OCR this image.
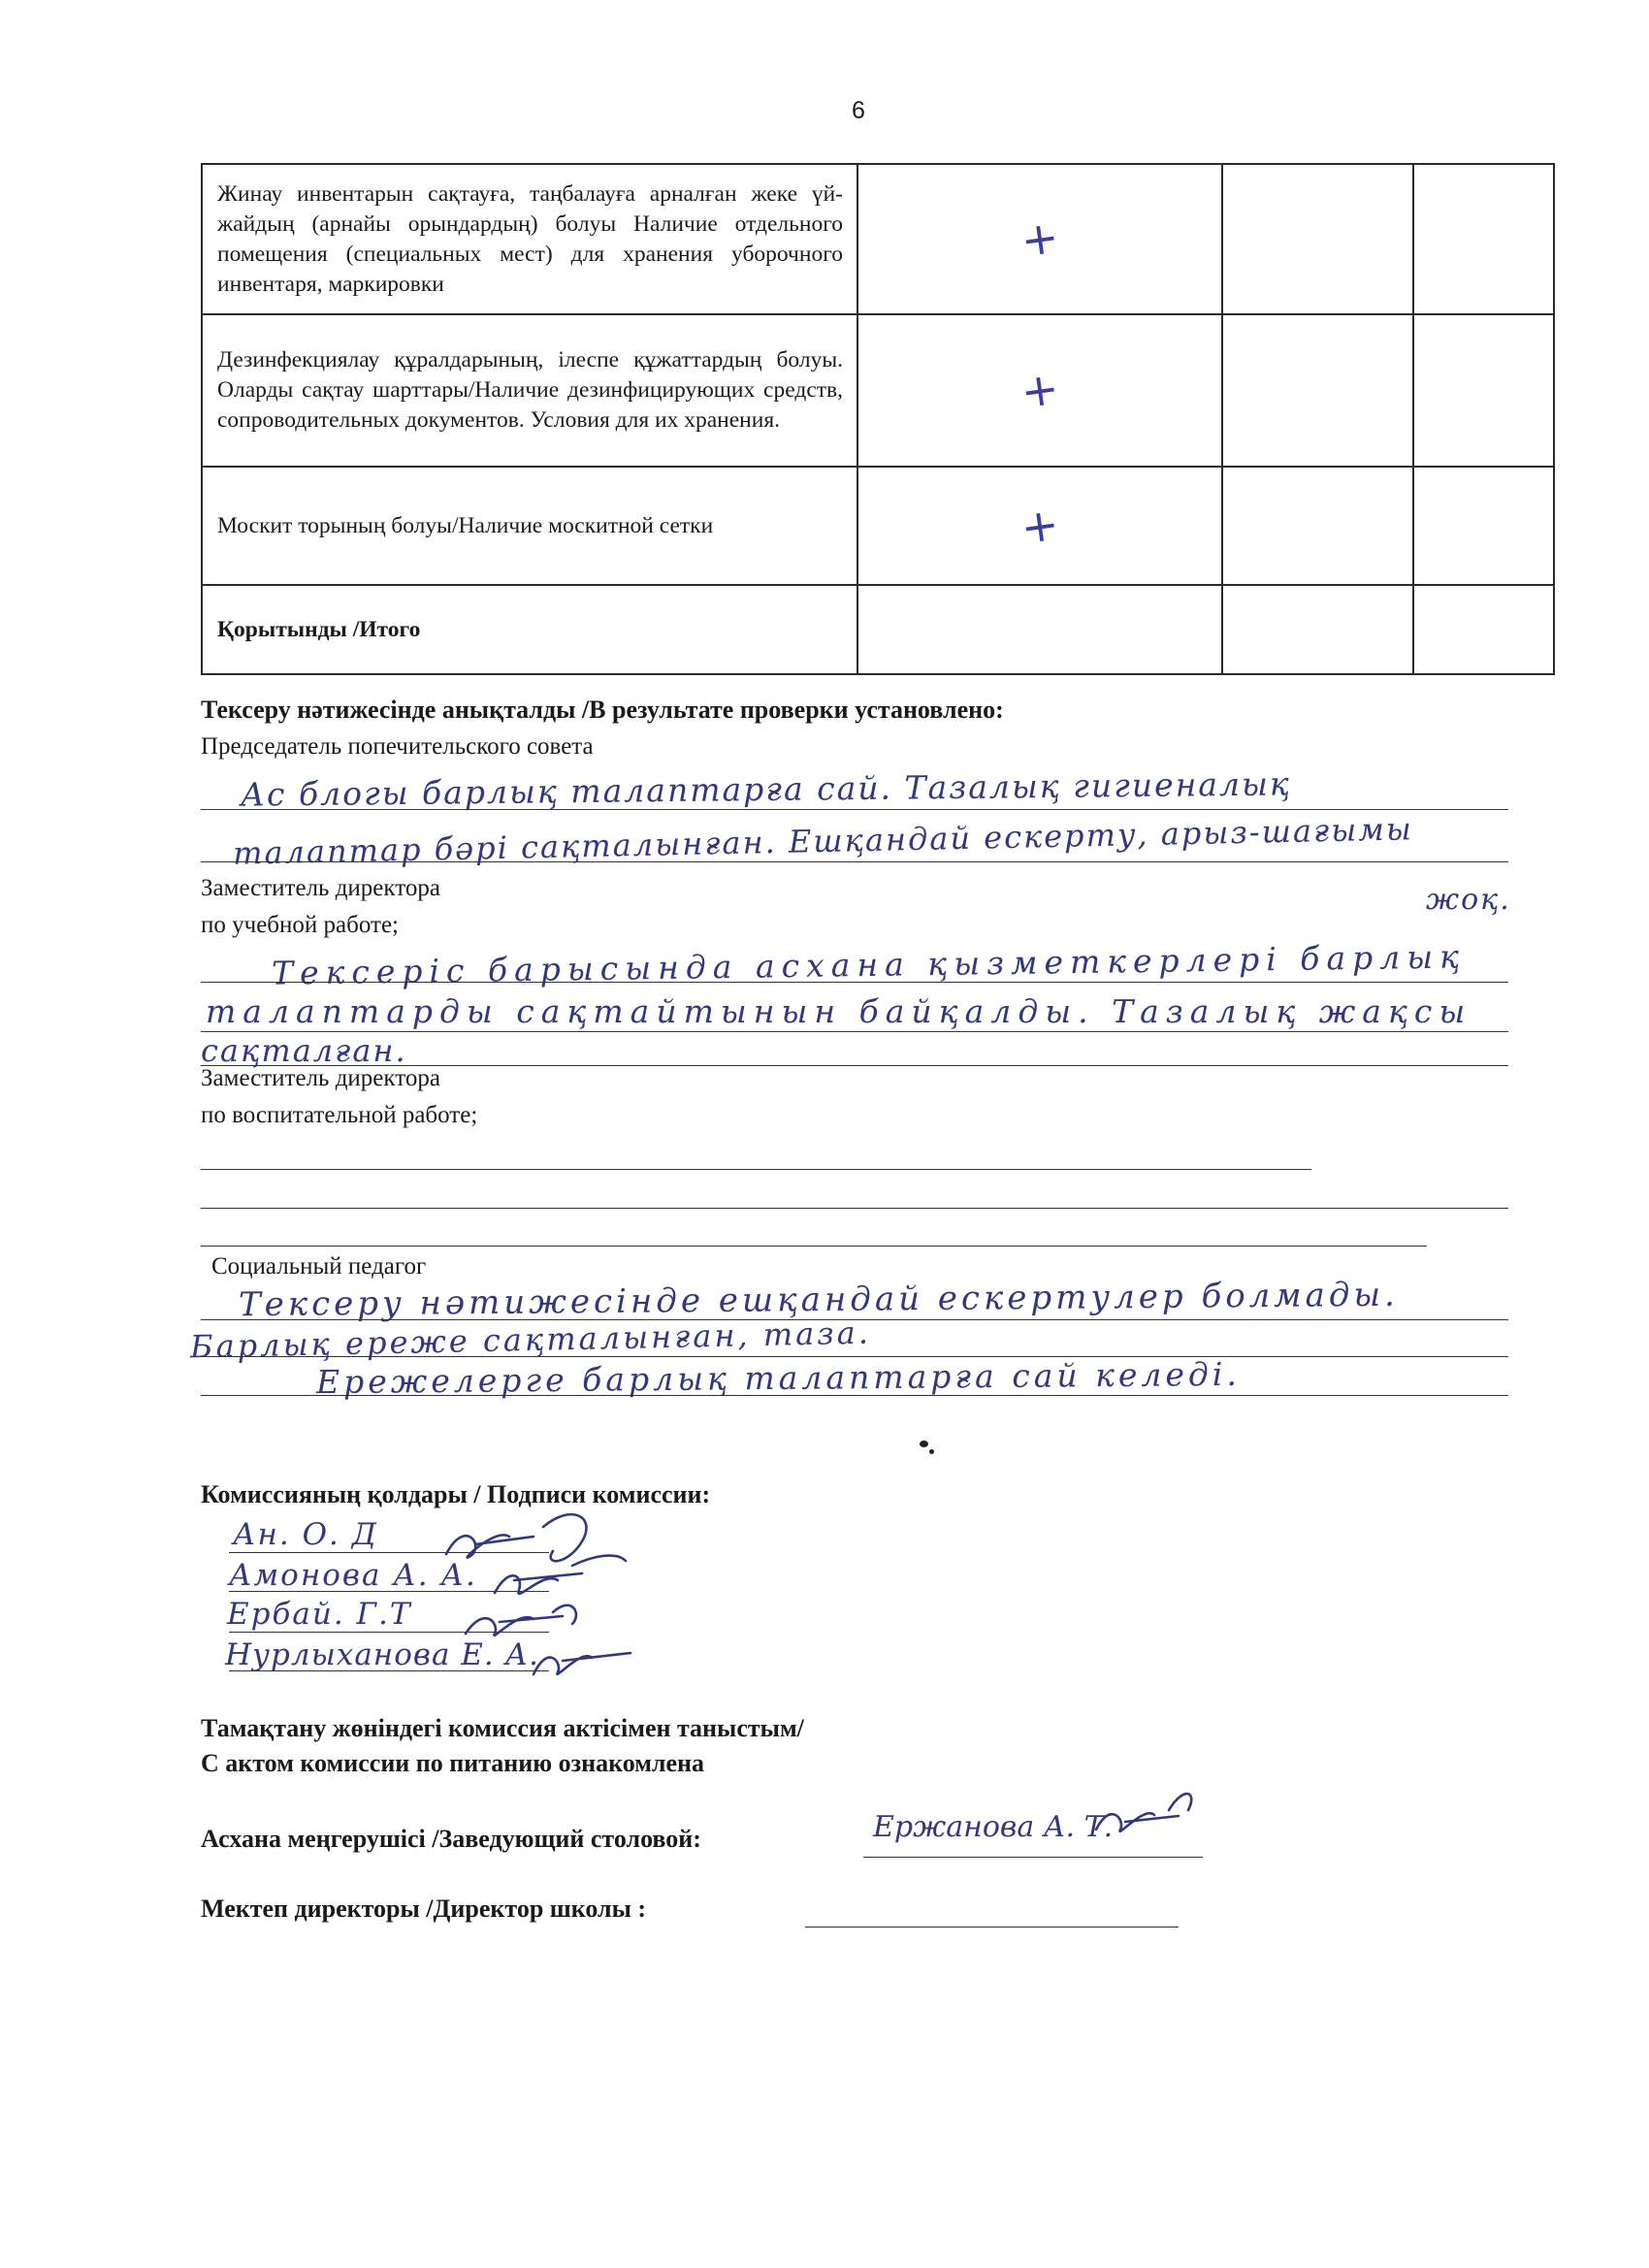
6
Жинау инвентарын сақтауға, таңбалауға арналған жеке үй-жайдың (арнайы орындардың) болуы Наличие отдельного помещения (специальных мест) для хранения уборочного инвентаря, маркировки	+		

Дезинфекциялау құралдарының, ілеспе құжаттардың болуы. Оларды сақтау шарттары/Наличие дезинфицирующих средств, сопроводительных документов. Условия для их хранения.	+		

Москит торының болуы/Наличие москитной сетки	+		

Қорытынды /Итого			
Тексеру нәтижесінде анықталды /В результате проверки установлено:
Председатель попечительского совета
Ас блогы барлық талаптарға сай. Тазалық гигиеналық
талаптар бәрі сақталынған. Ешқандай ескерту, арыз-шағымы
жоқ.
Заместитель директора
по учебной работе;
Тексеріс барысында асхана қызметкерлері барлық
талаптарды сақтайтынын байқалды. Тазалық жақсы
сақталған.
Заместитель директора
по воспитательной работе;
Социальный педагог
Тексеру нәтижесінде ешқандай ескертулер болмады.
Барлық ереже сақталынған, таза.
Ережелерге барлық талаптарға сай келеді.
Комиссияның қолдары / Подписи комиссии:
Ан. О. Д
Амонова А. А.
Ербай. Г.Т
Нурлыханова Е. А.
Тамақтану жөніндегі комиссия актісімен таныстым/
С актом комиссии по питанию ознакомлена
Асхана меңгерушісі /Заведующий столовой:	Ержанова А. Т.
Мектеп директоры /Директор школы :
